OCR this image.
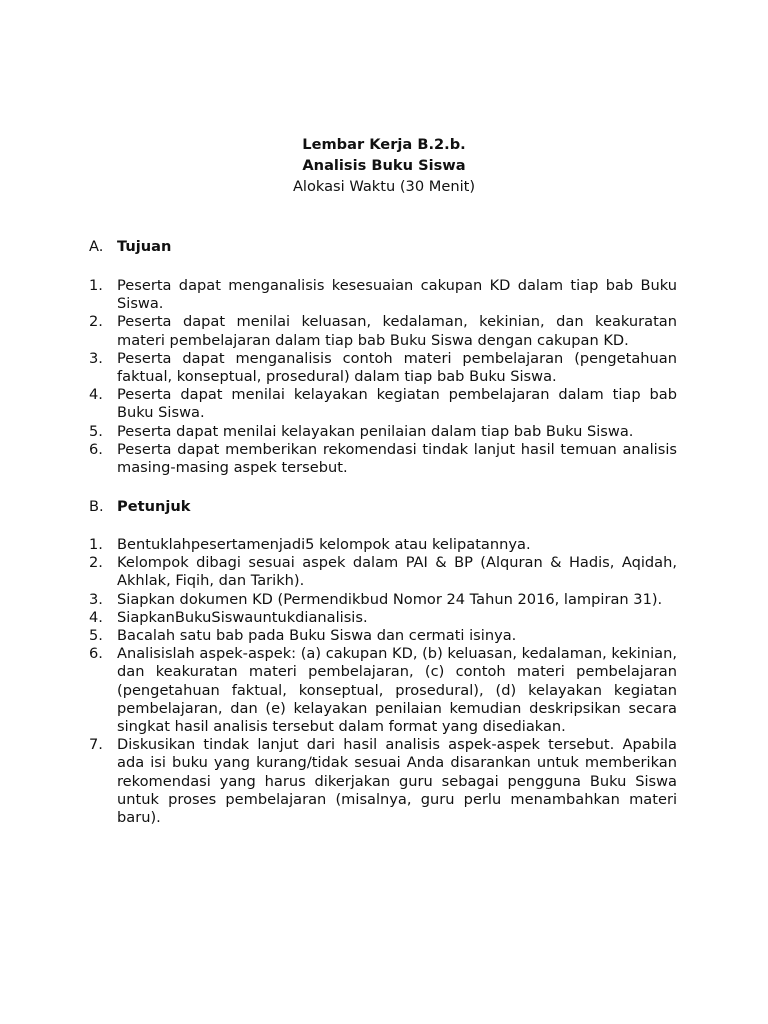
Lembar Kerja B.2.b.
Analisis Buku Siswa
Alokasi Waktu (30 Menit)
A. Tujuan
1. Peserta dapat menganalisis kesesuaian cakupan KD dalam tiap bab Buku Siswa.
2. Peserta dapat menilai keluasan, kedalaman, kekinian, dan keakuratan materi pembelajaran dalam tiap bab Buku Siswa dengan cakupan KD.
3. Peserta dapat menganalisis contoh materi pembelajaran (pengetahuan faktual, konseptual, prosedural) dalam tiap bab Buku Siswa.
4. Peserta dapat menilai kelayakan kegiatan pembelajaran dalam tiap bab Buku Siswa.
5. Peserta dapat menilai kelayakan penilaian dalam tiap bab Buku Siswa.
6. Peserta dapat memberikan rekomendasi tindak lanjut hasil temuan analisis masing-masing aspek tersebut.
B. Petunjuk
1. Bentuklahpesertamenjadi5 kelompok atau kelipatannya.
2. Kelompok dibagi sesuai aspek dalam PAI & BP (Alquran & Hadis, Aqidah, Akhlak, Fiqih, dan Tarikh).
3. Siapkan dokumen KD (Permendikbud Nomor 24 Tahun 2016, lampiran 31).
4. SiapkanBukuSiswauntukdianalisis.
5. Bacalah satu bab pada Buku Siswa dan cermati isinya.
6. Analisislah aspek-aspek: (a) cakupan KD, (b) keluasan, kedalaman, kekinian, dan keakuratan materi pembelajaran, (c) contoh materi pembelajaran (pengetahuan faktual, konseptual, prosedural), (d) kelayakan kegiatan pembelajaran, dan (e) kelayakan penilaian kemudian deskripsikan secara singkat hasil analisis tersebut dalam format yang disediakan.
7. Diskusikan tindak lanjut dari hasil analisis aspek-aspek tersebut. Apabila ada isi buku yang kurang/tidak sesuai Anda disarankan untuk memberikan rekomendasi yang harus dikerjakan guru sebagai pengguna Buku Siswa untuk proses pembelajaran (misalnya, guru perlu menambahkan materi baru).
